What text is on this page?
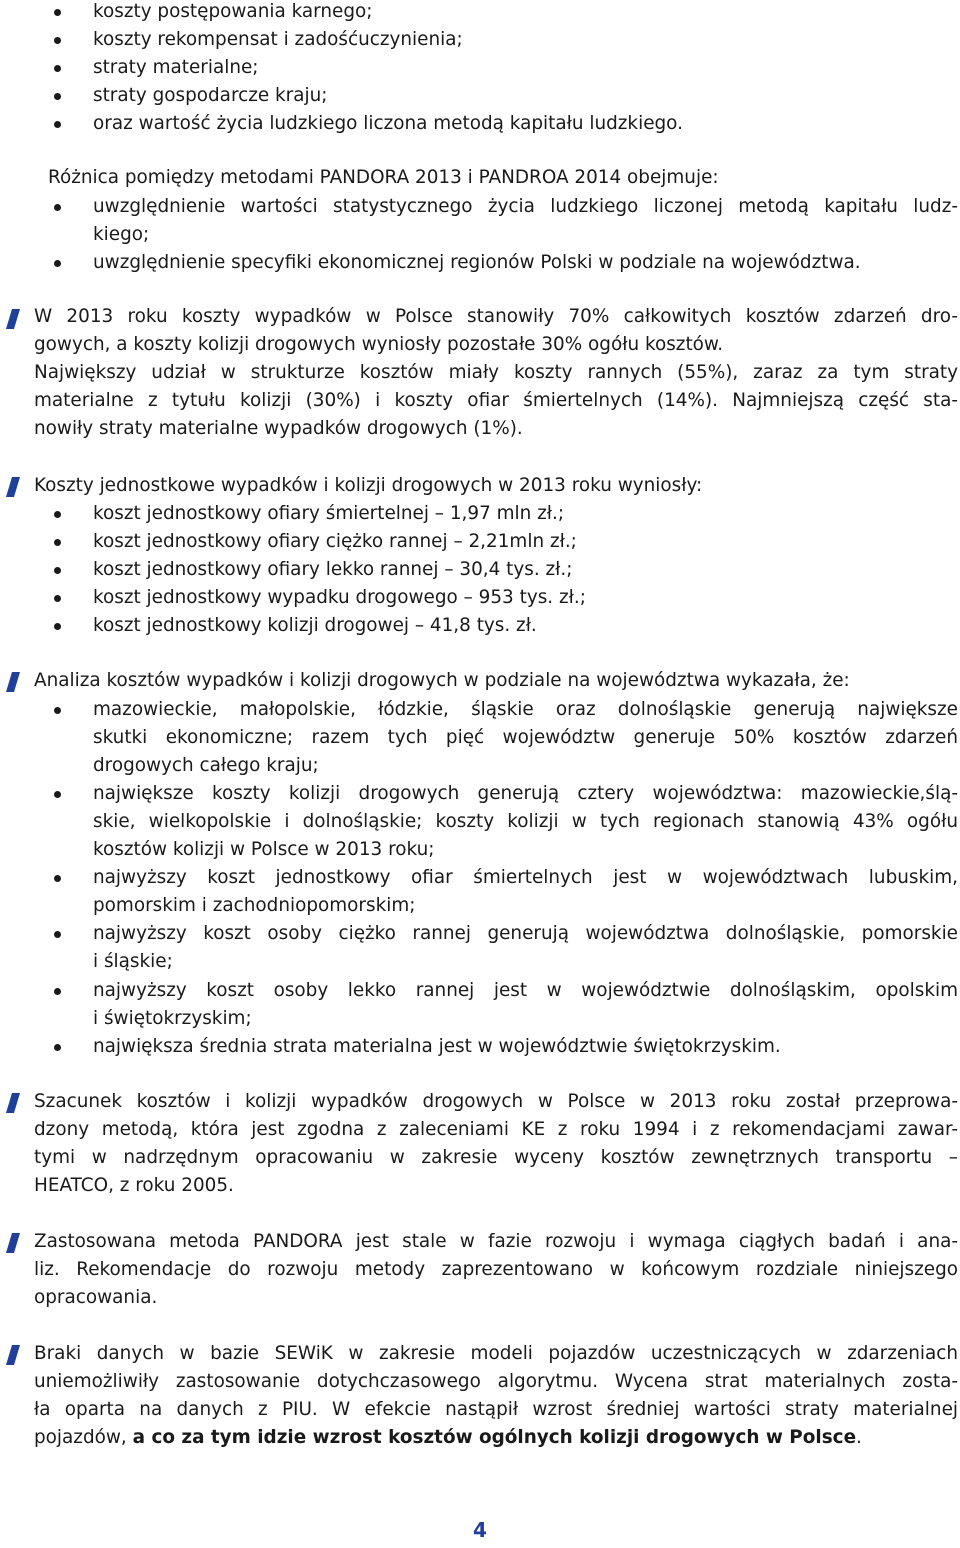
koszty postępowania karnego;

koszty rekompensat i zadośćuczynienia;

straty materialne;

straty gospodarcze kraju;

oraz wartość życia ludzkiego liczona metodą kapitału ludzkiego.

Różnica pomiędzy metodami PANDORA 2013 i PANDROA 2014 obejmuje:

uwzględnienie wartości statystycznego życia ludzkiego liczonej metodą kapitału ludz-

kiego;

uwzględnienie specyfiki ekonomicznej regionów Polski w podziale na województwa.

W 2013 roku koszty wypadków w Polsce stanowiły 70% całkowitych kosztów zdarzeń dro-

gowych, a koszty kolizji drogowych wyniosły pozostałe 30% ogółu kosztów.

Największy udział w strukturze kosztów miały koszty rannych (55%), zaraz za tym straty

materialne z tytułu kolizji (30%) i koszty ofiar śmiertelnych (14%). Najmniejszą część sta-

nowiły straty materialne wypadków drogowych (1%).

Koszty jednostkowe wypadków i kolizji drogowych w 2013 roku wyniosły:

koszt jednostkowy ofiary śmiertelnej – 1,97 mln zł.;

koszt jednostkowy ofiary ciężko rannej – 2,21mln zł.;

koszt jednostkowy ofiary lekko rannej – 30,4 tys. zł.;

koszt jednostkowy wypadku drogowego – 953 tys. zł.;

koszt jednostkowy kolizji drogowej – 41,8 tys. zł.

Analiza kosztów wypadków i kolizji drogowych w podziale na województwa wykazała, że:

mazowieckie, małopolskie, łódzkie, śląskie oraz dolnośląskie generują największe

skutki ekonomiczne; razem tych pięć województw generuje 50% kosztów zdarzeń

drogowych całego kraju;

największe koszty kolizji drogowych generują cztery województwa: mazowieckie,ślą-

skie, wielkopolskie i dolnośląskie; koszty kolizji w tych regionach stanowią 43% ogółu

kosztów kolizji w Polsce w 2013 roku;

najwyższy koszt jednostkowy ofiar śmiertelnych jest w województwach lubuskim,

pomorskim i zachodniopomorskim;

najwyższy koszt osoby ciężko rannej generują województwa dolnośląskie, pomorskie

i śląskie;

najwyższy koszt osoby lekko rannej jest w województwie dolnośląskim, opolskim

i świętokrzyskim;

największa średnia strata materialna jest w województwie świętokrzyskim.

Szacunek kosztów i kolizji wypadków drogowych w Polsce w 2013 roku został przeprowa-

dzony metodą, która jest zgodna z zaleceniami KE z roku 1994 i z rekomendacjami zawar-

tymi w nadrzędnym opracowaniu w zakresie wyceny kosztów zewnętrznych transportu –

HEATCO, z roku 2005.

Zastosowana metoda PANDORA jest stale w fazie rozwoju i wymaga ciągłych badań i ana-

liz. Rekomendacje do rozwoju metody zaprezentowano w końcowym rozdziale niniejszego

opracowania.

Braki danych w bazie SEWiK w zakresie modeli pojazdów uczestniczących w zdarzeniach

uniemożliwiły zastosowanie dotychczasowego algorytmu. Wycena strat materialnych zosta-

ła oparta na danych z PIU. W efekcie nastąpił wzrost średniej wartości straty materialnej

pojazdów, a co za tym idzie wzrost kosztów ogólnych kolizji drogowych w Polsce.

4
